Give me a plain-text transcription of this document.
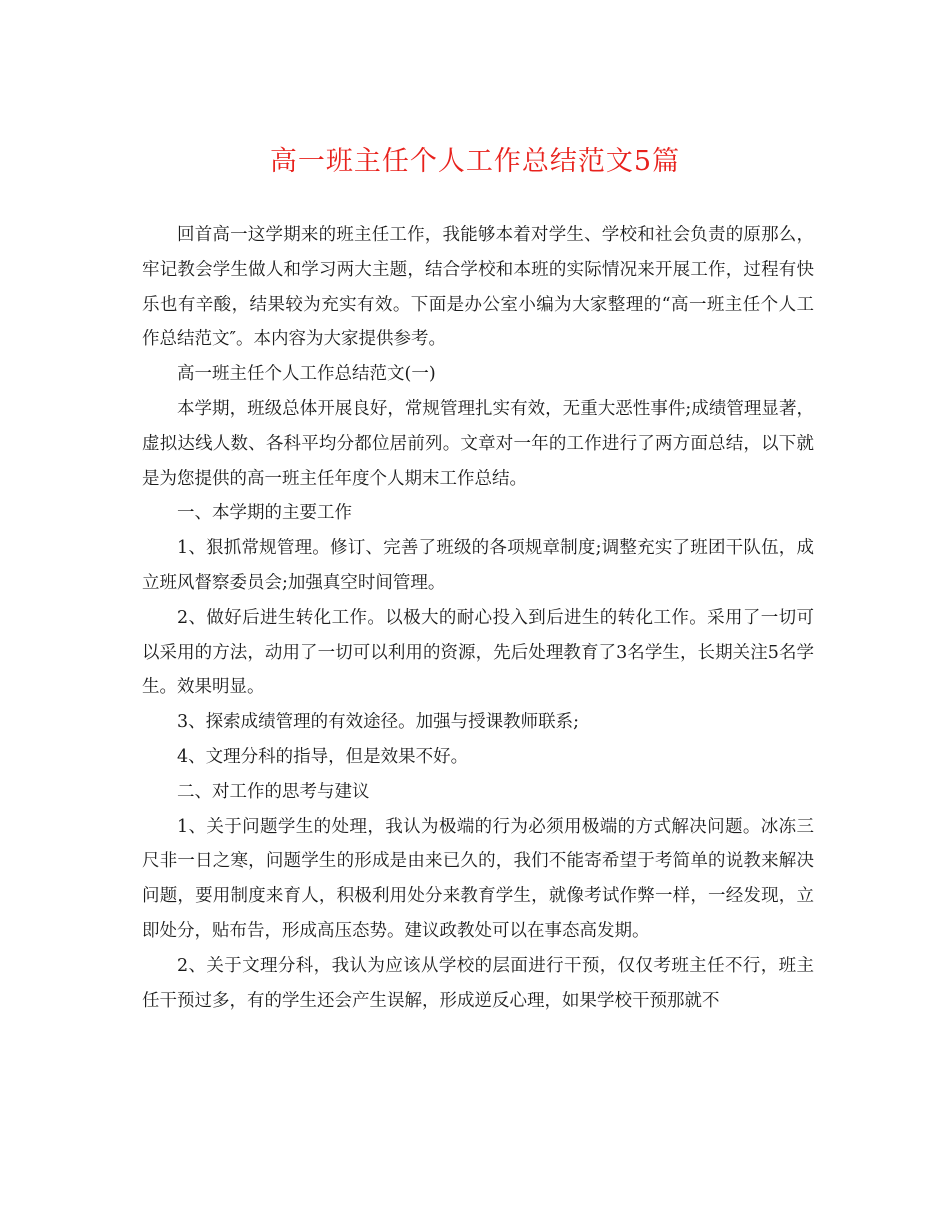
高一班主任个人工作总结范文5篇

回首高一这学期来的班主任工作，我能够本着对学生、学校和社会负责的原那么，牢记教会学生做人和学习两大主题，结合学校和本班的实际情况来开展工作，过程有快乐也有辛酸，结果较为充实有效。下面是办公室小编为大家整理的“高一班主任个人工作总结范文″。本内容为大家提供参考。

高一班主任个人工作总结范文(一)

本学期，班级总体开展良好，常规管理扎实有效，无重大恶性事件;成绩管理显著，虚拟达线人数、各科平均分都位居前列。文章对一年的工作进行了两方面总结，以下就是为您提供的高一班主任年度个人期末工作总结。

一、本学期的主要工作

1、狠抓常规管理。修订、完善了班级的各项规章制度;调整充实了班团干队伍，成立班风督察委员会;加强真空时间管理。

2、做好后进生转化工作。以极大的耐心投入到后进生的转化工作。采用了一切可以采用的方法，动用了一切可以利用的资源，先后处理教育了3名学生，长期关注5名学生。效果明显。

3、探索成绩管理的有效途径。加强与授课教师联系;

4、文理分科的指导，但是效果不好。

二、对工作的思考与建议

1、关于问题学生的处理，我认为极端的行为必须用极端的方式解决问题。冰冻三尺非一日之寒，问题学生的形成是由来已久的，我们不能寄希望于考简单的说教来解决问题，要用制度来育人，积极利用处分来教育学生，就像考试作弊一样，一经发现，立即处分，贴布告，形成高压态势。建议政教处可以在事态高发期。

2、关于文理分科，我认为应该从学校的层面进行干预，仅仅考班主任不行，班主任干预过多，有的学生还会产生误解，形成逆反心理，如果学校干预那就不
